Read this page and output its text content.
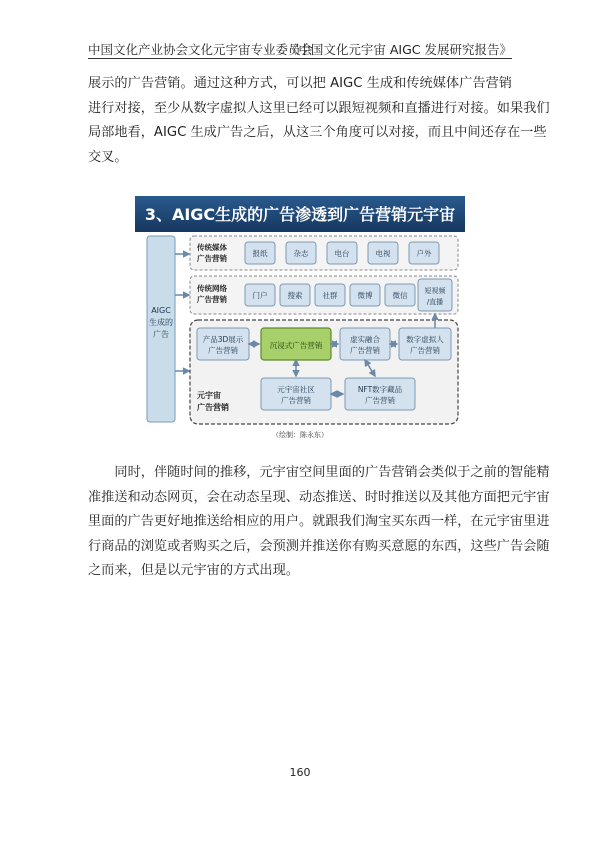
中国文化产业协会文化元宇宙专业委员会
《中国文化元宇宙 AIGC 发展研究报告》
展示的广告营销。通过这种方式，可以把 AIGC 生成和传统媒体广告营销
进行对接，至少从数字虚拟人这里已经可以跟短视频和直播进行对接。如果我们
局部地看，AIGC 生成广告之后，从这三个角度可以对接，而且中间还存在一些
交叉。
3、AIGC生成的广告渗透到广告营销元宇宙
AIGC
生成的
广告
传统媒体
广告营销
报纸	杂志	电台	电视	户外
传统网络
广告营销	门户	搜索	社群	微博	微信 短视频
/直播
元宇宙
广告营销
产品3D展示
广告营销
沉浸式广告营销
虚实融合
广告营销
数字虚拟人
广告营销
元宇宙社区
广告营销
NFT数字藏品
广告营销
（绘制：陈永东）
同时，伴随时间的推移，元宇宙空间里面的广告营销会类似于之前的智能精
准推送和动态网页，会在动态呈现、动态推送、时时推送以及其他方面把元宇宙
里面的广告更好地推送给相应的用户。就跟我们淘宝买东西一样，在元宇宙里进
行商品的浏览或者购买之后，会预测并推送你有购买意愿的东西，这些广告会随
之而来，但是以元宇宙的方式出现。
160
